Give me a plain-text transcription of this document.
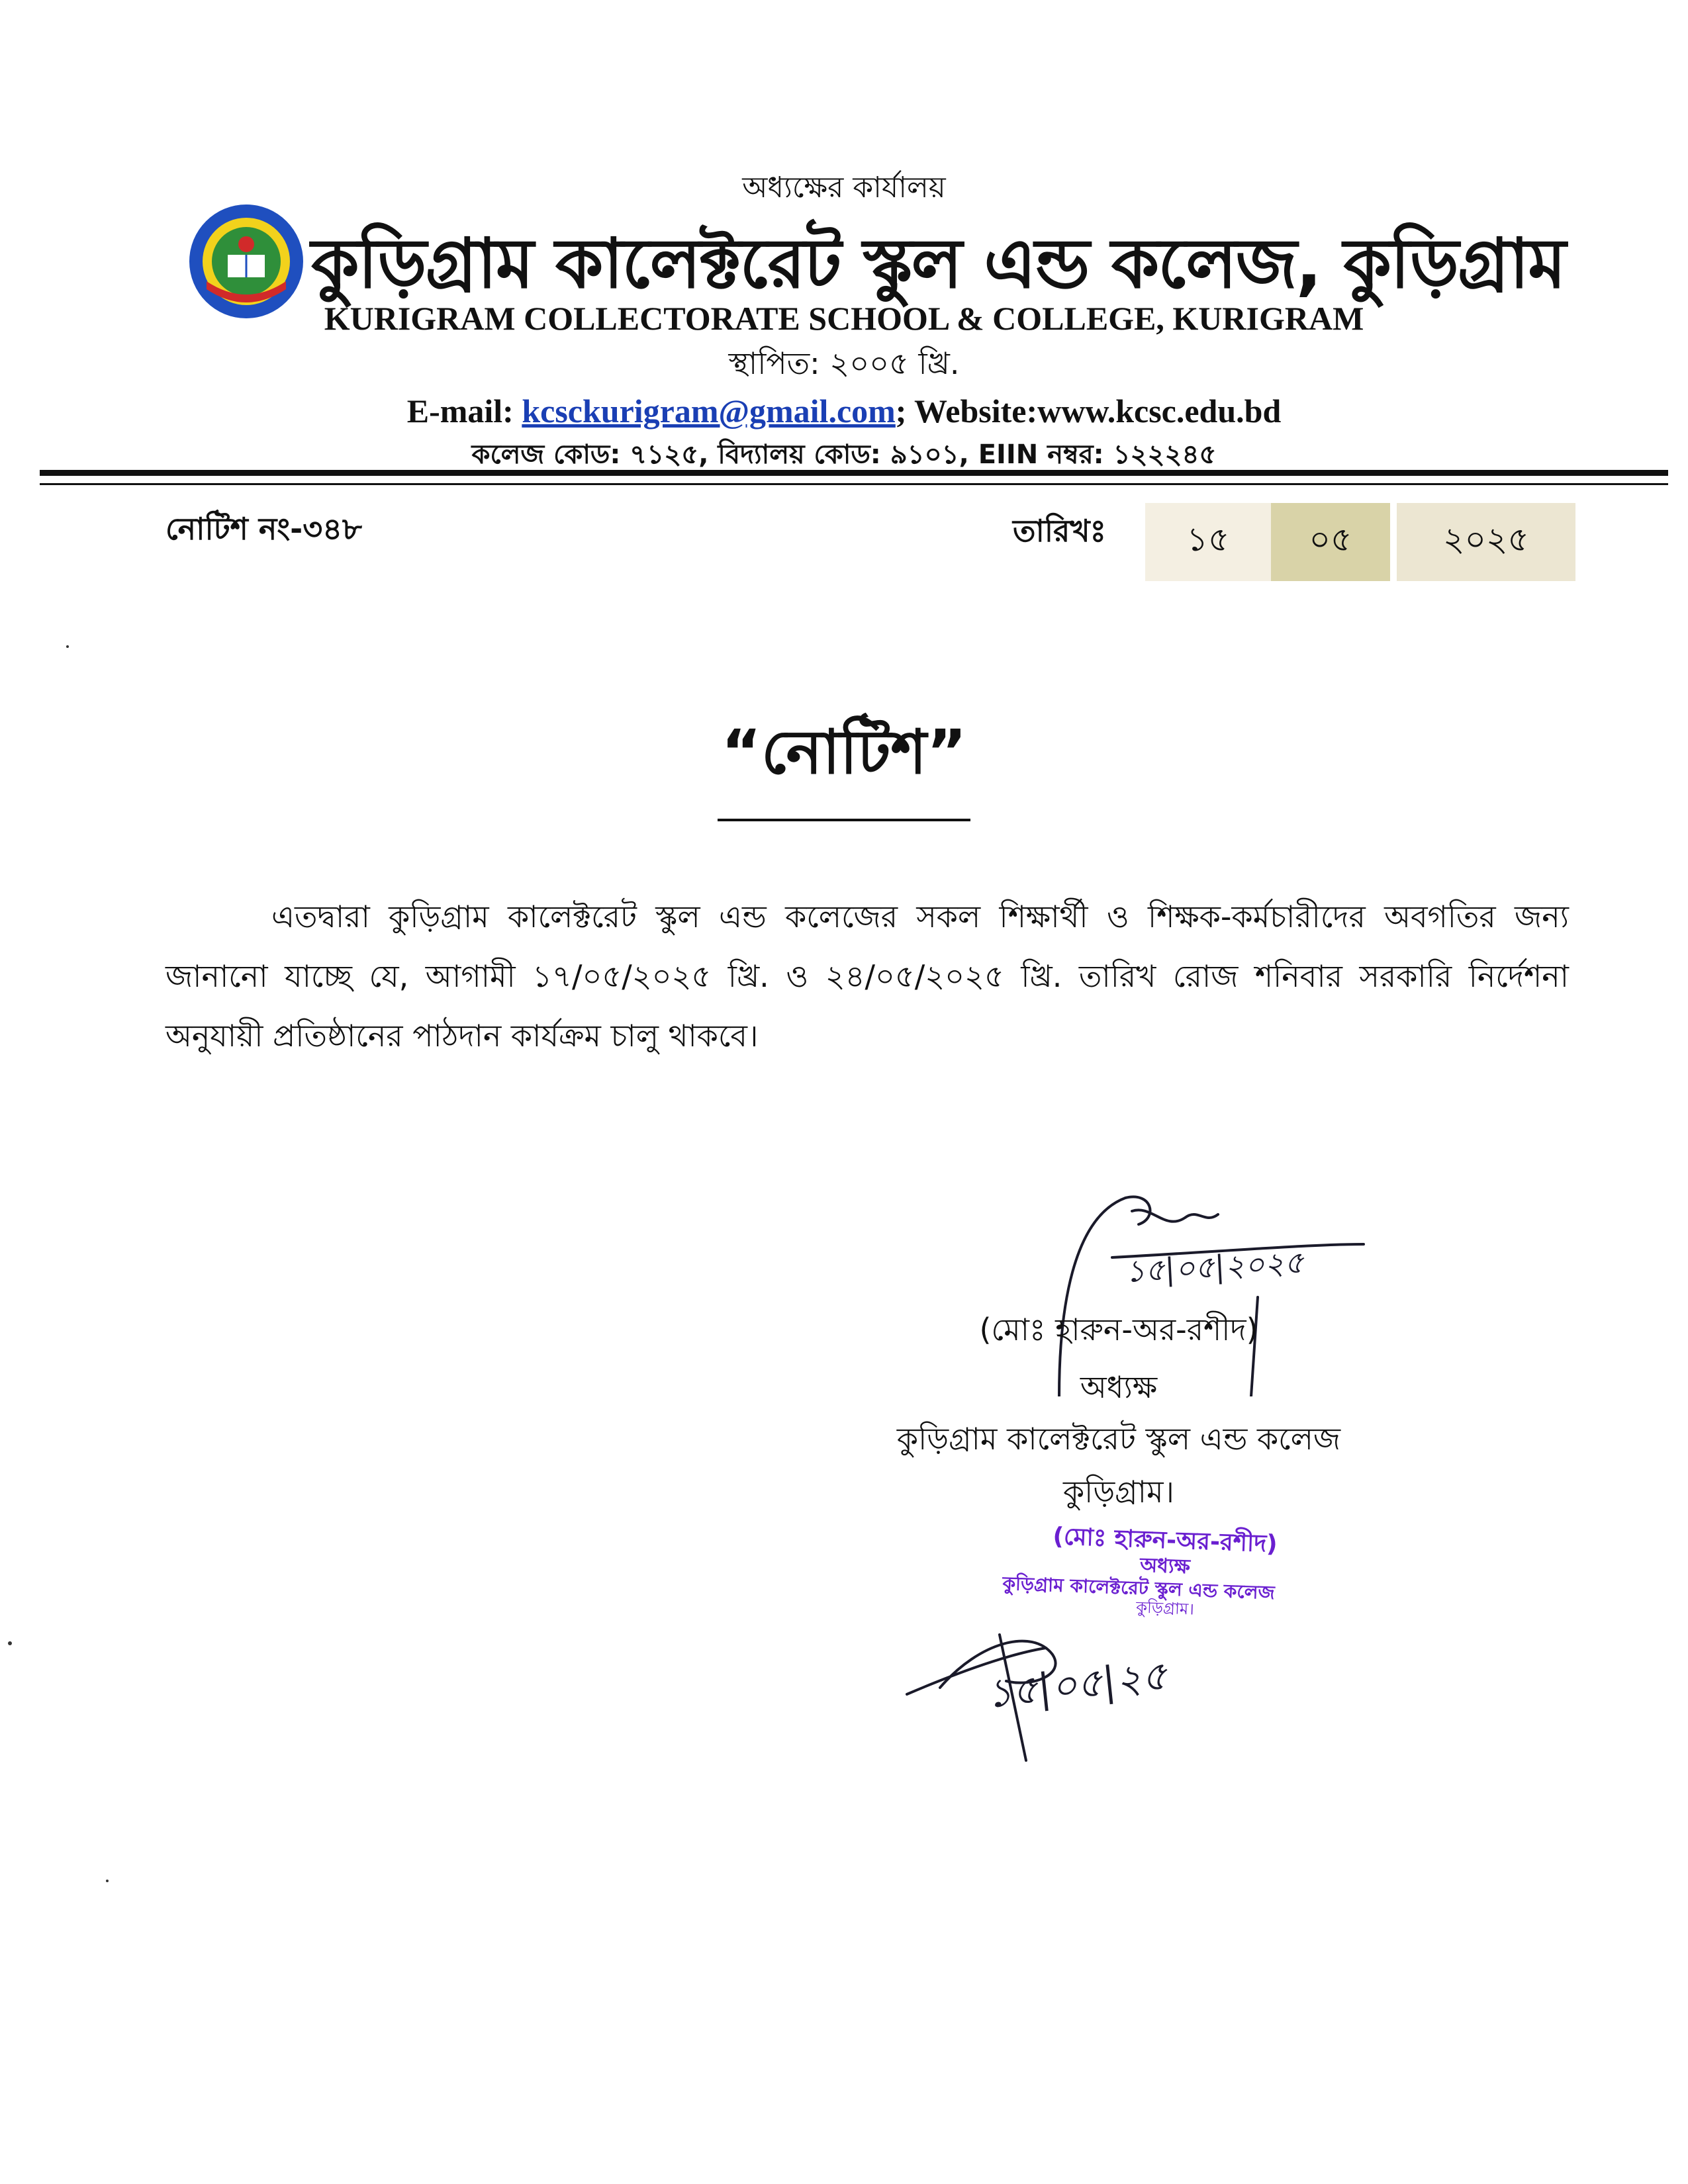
অধ্যক্ষের কার্যালয়
কুড়িগ্রাম কালেক্টরেট স্কুল এন্ড কলেজ, কুড়িগ্রাম
KURIGRAM COLLECTORATE SCHOOL & COLLEGE, KURIGRAM
স্থাপিত: ২০০৫ খ্রি.
E-mail: kcsckurigram@gmail.com; Website:www.kcsc.edu.bd
কলেজ কোড: ৭১২৫, বিদ্যালয় কোড: ৯১০১, EIIN নম্বর: ১২২২৪৫
নোটিশ নং-৩৪৮	তারিখঃ	১৫	০৫	২০২৫
“নোটিশ”
এতদ্বারা কুড়িগ্রাম কালেক্টরেট স্কুল এন্ড কলেজের সকল শিক্ষার্থী ও শিক্ষক-কর্মচারীদের অবগতির জন্য জানানো যাচ্ছে যে, আগামী ১৭/০৫/২০২৫ খ্রি. ও ২৪/০৫/২০২৫ খ্রি. তারিখ রোজ শনিবার সরকারি নির্দেশনা অনুযায়ী প্রতিষ্ঠানের পাঠদান কার্যক্রম চালু থাকবে।
১৫|০৫|২০২৫
(মোঃ হারুন-অর-রশীদ)
অধ্যক্ষ
কুড়িগ্রাম কালেক্টরেট স্কুল এন্ড কলেজ
কুড়িগ্রাম।
(মোঃ হারুন-অর-রশীদ)
অধ্যক্ষ
কুড়িগ্রাম কালেক্টরেট স্কুল এন্ড কলেজ
কুড়িগ্রাম।
১৫|০৫|২৫
